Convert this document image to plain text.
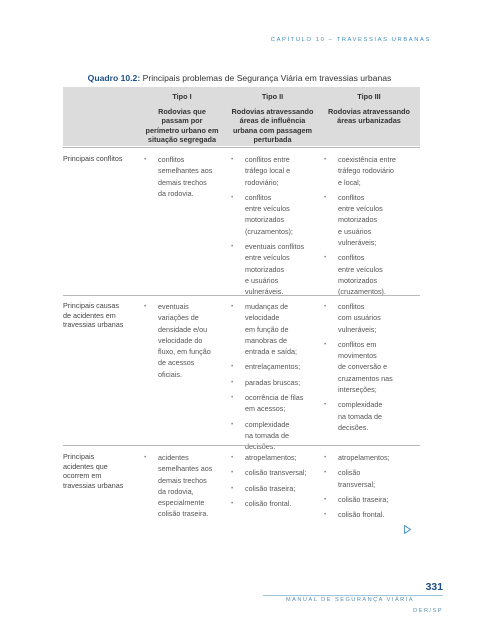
CAPÍTULO 10 – TRAVESSIAS URBANAS
Quadro 10.2: Principais problemas de Segurança Viária em travessias urbanas
Tipo I	Tipo II	Tipo III
Rodovias que
passam por
perímetro urbano em
situação segregada
Rodovias atravessando
áreas de influência
urbana com passagem
perturbada
Rodovias atravessando
áreas urbanizadas
Principais conflitos
•	conflitos
semelhantes aos
demais trechos
da rodovia.
• conflitos entre
tráfego local e
rodoviário;
• conflitos
entre veículos
motorizados
(cruzamentos);
• eventuais conflitos
entre veículos
motorizados
e usuários
vulneráveis.
• coexistência entre
tráfego rodoviário
e local;
• conflitos
entre veículos
motorizados
e usuários
vulneráveis;
• conflitos
entre veículos
motorizados
(cruzamentos).
Principais causas
de acidentes em
travessias urbanas
• eventuais
variações de
densidade e/ou
velocidade do
fluxo, em função
de acessos
oficiais.
• mudanças de
velocidade
em função de
manobras de
entrada e saída;
• entrelaçamentos;
• paradas bruscas;
• ocorrência de filas
em acessos;
• complexidade
na tomada de
decisões.
• conflitos
com usuários
vulneráveis;
• conflitos em
movimentos
de conversão e
cruzamentos nas
interseções;
• complexidade
na tomada de
decisões.
Principais
acidentes que
ocorrem em
travessias urbanas
• acidentes
semelhantes aos
demais trechos
da rodovia,
especialmente
colisão traseira.
• atropelamentos;
• colisão transversal;
• colisão traseira;
• colisão frontal.
• atropelamentos;
• colisão
transversal;
• colisão traseira;
• colisão frontal.
331
MANUAL DE SEGURANÇA VIÁRIA
DER/SP
